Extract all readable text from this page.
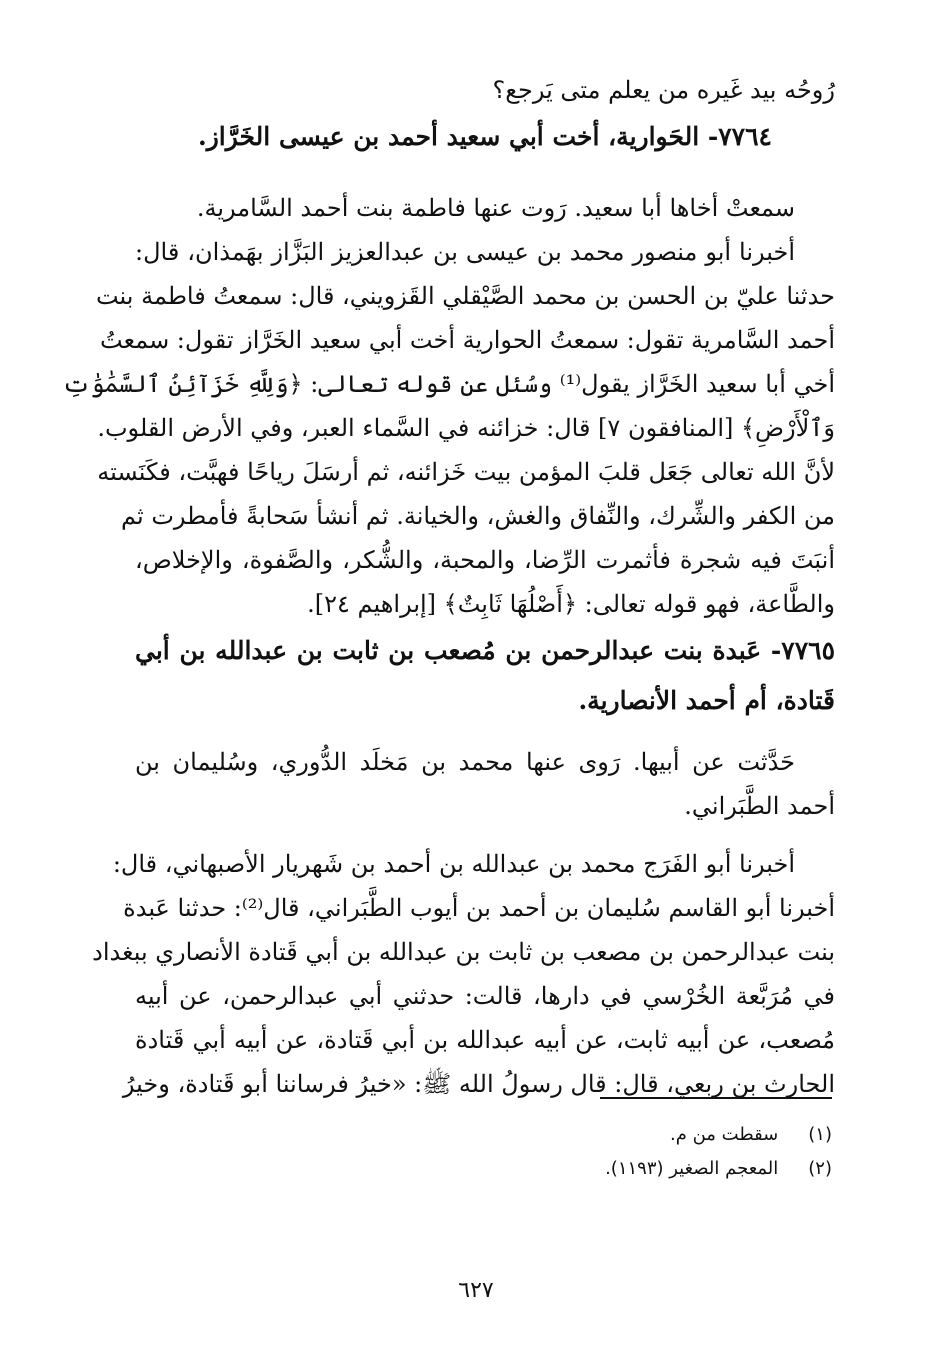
رُوحُه بيد غَيره من يعلم متى يَرجع؟
٧٧٦٤- الحَوارية، أخت أبي سعيد أحمد بن عيسى الخَرَّاز.
سمعتْ أخاها أبا سعيد. رَوت عنها فاطمة بنت أحمد السَّامرية.
أخبرنا أبو منصور محمد بن عيسى بن عبدالعزيز البَزَّاز بهَمذان، قال:
حدثنا عليّ بن الحسن بن محمد الصَّيْقلي القَزويني، قال: سمعتُ فاطمة بنت
أحمد السَّامرية تقول: سمعتُ الحوارية أخت أبي سعيد الخَرَّاز تقول: سمعتُ
أخي أبا سعيد الخَرَّاز يقول⁽¹⁾ وسُئل عن قوله تعالى: ﴿وَلِلَّهِ خَزَآئِنُ ٱلسَّمَٰوَٰتِ
وَٱلْأَرْضِ﴾ [المنافقون ٧] قال: خزائنه في السَّماء العبر، وفي الأرض القلوب.
لأنَّ الله تعالى جَعَل قلبَ المؤمن بيت خَزائنه، ثم أرسَلَ رياحًا فهبَّت، فكَنَسته
من الكفر والشِّرك، والنِّفاق والغش، والخيانة. ثم أنشأ سَحابةً فأمطرت ثم
أنبَتَ فيه شجرة فأثمرت الرِّضا، والمحبة، والشُّكر، والصَّفوة، والإخلاص،
والطَّاعة، فهو قوله تعالى: ﴿أَصْلُهَا ثَابِتٌ﴾ [إبراهيم ٢٤].
٧٧٦٥- عَبدة بنت عبدالرحمن بن مُصعب بن ثابت بن عبدالله بن أبي
قَتادة، أم أحمد الأنصارية.
حَدَّثت عن أبيها. رَوى عنها محمد بن مَخلَد الدُّوري، وسُليمان بن
أحمد الطَّبَراني.
أخبرنا أبو الفَرَج محمد بن عبدالله بن أحمد بن شَهريار الأصبهاني، قال:
أخبرنا أبو القاسم سُليمان بن أحمد بن أيوب الطَّبَراني، قال⁽²⁾: حدثنا عَبدة
بنت عبدالرحمن بن مصعب بن ثابت بن عبدالله بن أبي قَتادة الأنصاري ببغداد
في مُرَبَّعة الخُرْسي في دارها، قالت: حدثني أبي عبدالرحمن، عن أبيه
مُصعب، عن أبيه ثابت، عن أبيه عبدالله بن أبي قَتادة، عن أبيه أبي قَتادة
الحارث بن ربعي، قال: قال رسولُ الله ﷺ: «خيرُ فرساننا أبو قَتادة، وخيرُ
(١) سقطت من م.
(٢) المعجم الصغير (١١٩٣).
٦٢٧
